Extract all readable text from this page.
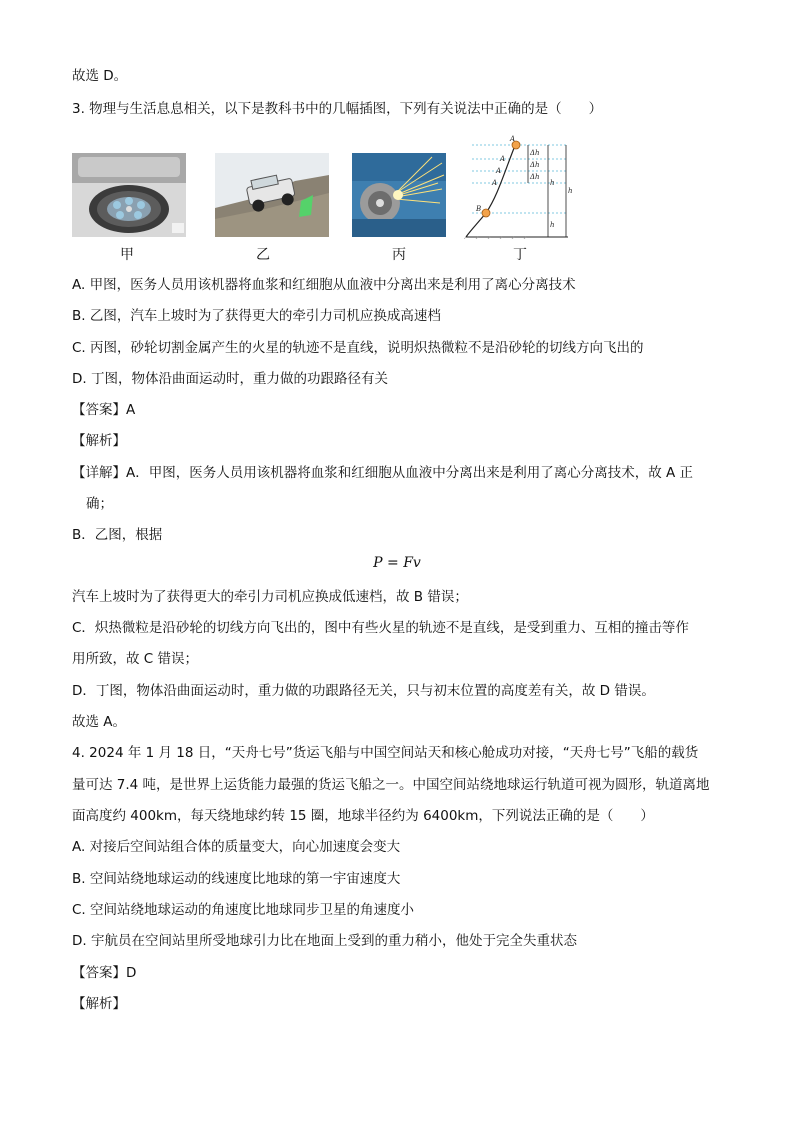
故选 D。
3. 物理与生活息息相关，以下是教科书中的几幅插图，下列有关说法中正确的是（　　）
甲	乙	丙
A
A
A
A
B
Δh
Δh
Δh
h
h
h
丁
A. 甲图，医务人员用该机器将血浆和红细胞从血液中分离出来是利用了离心分离技术
B. 乙图，汽车上坡时为了获得更大的牵引力司机应换成高速档
C. 丙图，砂轮切割金属产生的火星的轨迹不是直线，说明炽热微粒不是沿砂轮的切线方向飞出的
D. 丁图，物体沿曲面运动时，重力做的功跟路径有关
【答案】A
【解析】
【详解】A．甲图，医务人员用该机器将血浆和红细胞从血液中分离出来是利用了离心分离技术，故 A 正
确；
B．乙图，根据
P = Fv
汽车上坡时为了获得更大的牵引力司机应换成低速档，故 B 错误；
C．炽热微粒是沿砂轮的切线方向飞出的，图中有些火星的轨迹不是直线，是受到重力、互相的撞击等作
用所致，故 C 错误；
D．丁图，物体沿曲面运动时，重力做的功跟路径无关，只与初末位置的高度差有关，故 D 错误。
故选 A。
4. 2024 年 1 月 18 日，“天舟七号”货运飞船与中国空间站天和核心舱成功对接，“天舟七号”飞船的载货
量可达 7.4 吨，是世界上运货能力最强的货运飞船之一。中国空间站绕地球运行轨道可视为圆形，轨道离地
面高度约 400km，每天绕地球约转 15 圈，地球半径约为 6400km，下列说法正确的是（　　）
A. 对接后空间站组合体的质量变大，向心加速度会变大
B. 空间站绕地球运动的线速度比地球的第一宇宙速度大
C. 空间站绕地球运动的角速度比地球同步卫星的角速度小
D. 宇航员在空间站里所受地球引力比在地面上受到的重力稍小，他处于完全失重状态
【答案】D
【解析】
